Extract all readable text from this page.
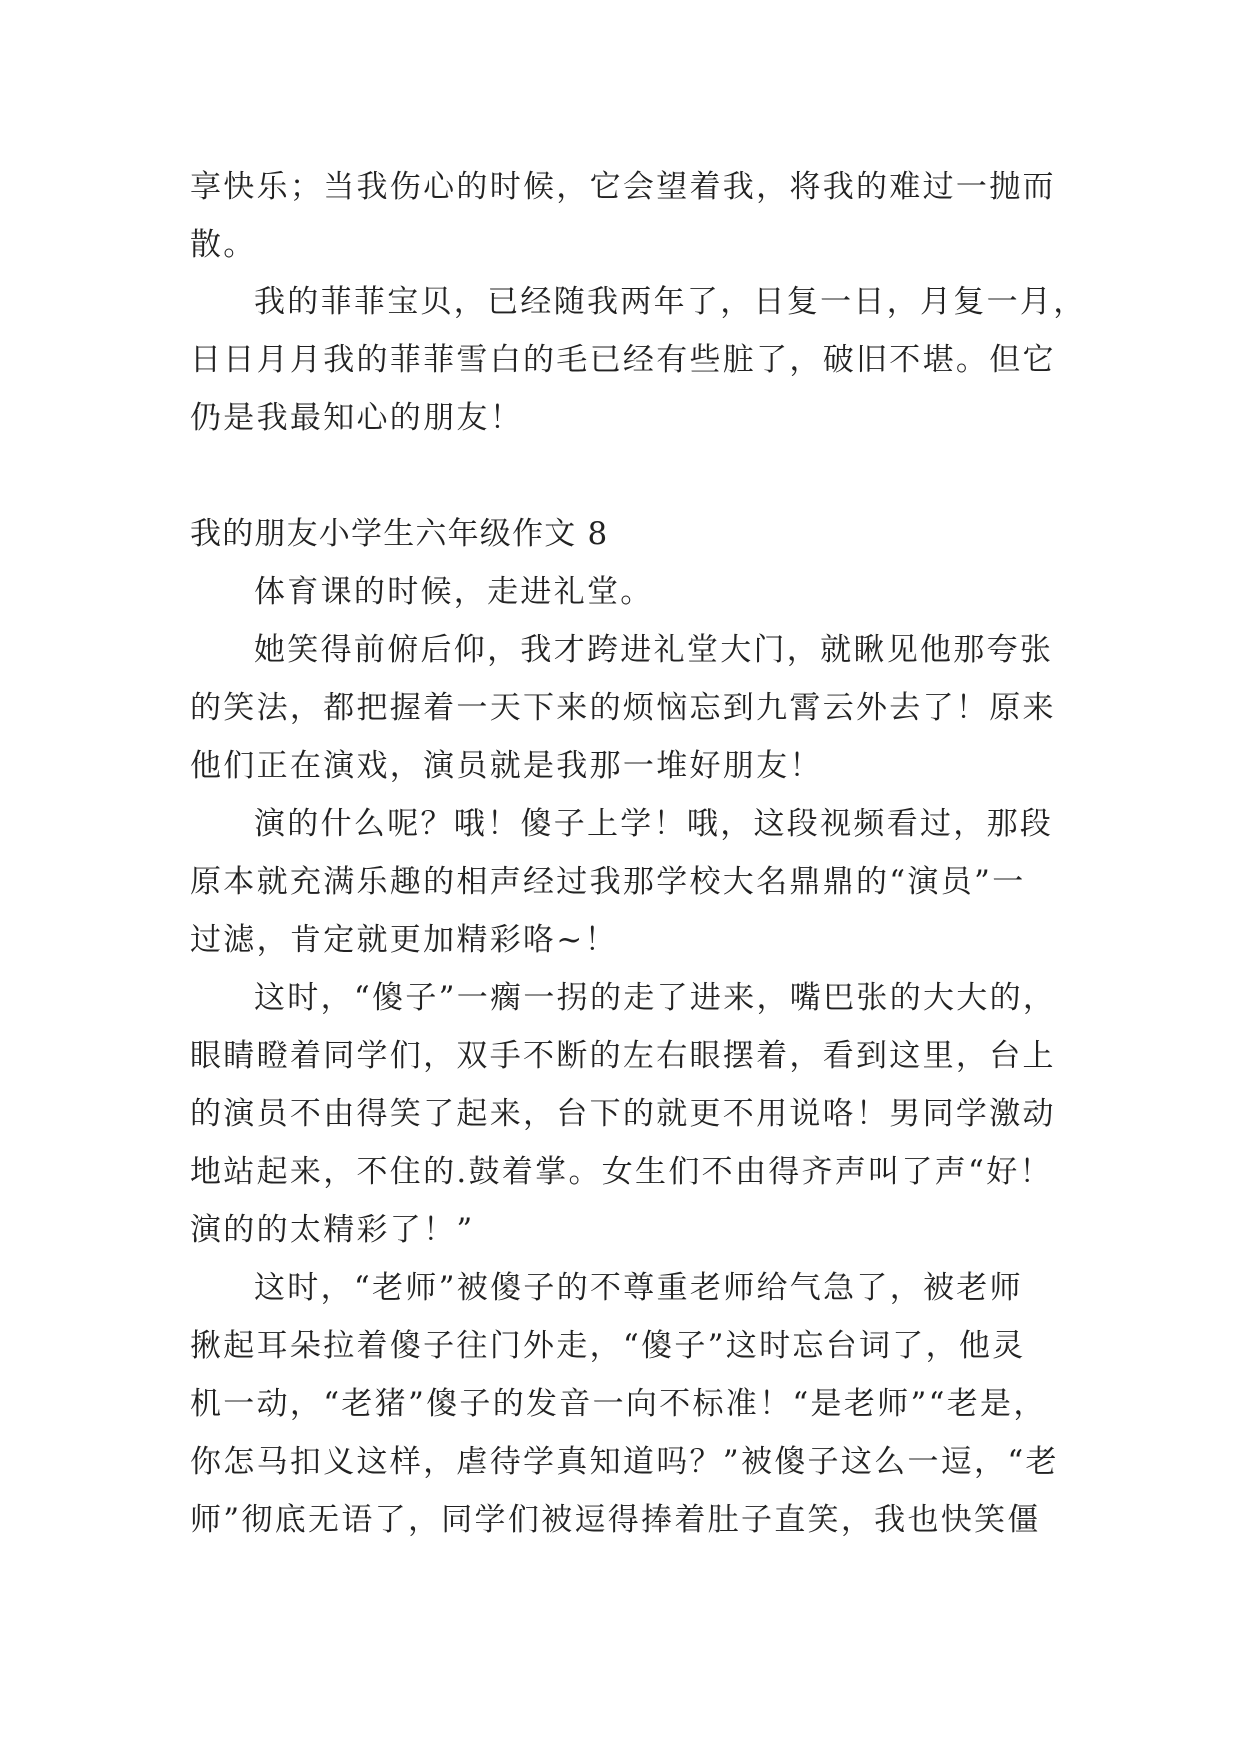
享快乐；当我伤心的时候，它会望着我，将我的难过一抛而
散。
我的菲菲宝贝，已经随我两年了，日复一日，月复一月，
日日月月我的菲菲雪白的毛已经有些脏了，破旧不堪。但它
仍是我最知心的朋友！
我的朋友小学生六年级作文 8
体育课的时候，走进礼堂。
她笑得前俯后仰，我才跨进礼堂大门，就瞅见他那夸张
的笑法，都把握着一天下来的烦恼忘到九霄云外去了！原来
他们正在演戏，演员就是我那一堆好朋友！
演的什么呢？哦！傻子上学！哦，这段视频看过，那段
原本就充满乐趣的相声经过我那学校大名鼎鼎的“演员”一
过滤，肯定就更加精彩咯~！
这时，“傻子”一瘸一拐的走了进来，嘴巴张的大大的，
眼睛瞪着同学们，双手不断的左右眼摆着，看到这里，台上
的演员不由得笑了起来，台下的就更不用说咯！男同学激动
地站起来，不住的.鼓着掌。女生们不由得齐声叫了声“好！
演的的太精彩了！”
这时，“老师”被傻子的不尊重老师给气急了，被老师
揪起耳朵拉着傻子往门外走，“傻子”这时忘台词了，他灵
机一动，“老猪”傻子的发音一向不标准！“是老师”“老是，
你怎马扣义这样，虐待学真知道吗？”被傻子这么一逗，“老
师”彻底无语了，同学们被逗得捧着肚子直笑，我也快笑僵
